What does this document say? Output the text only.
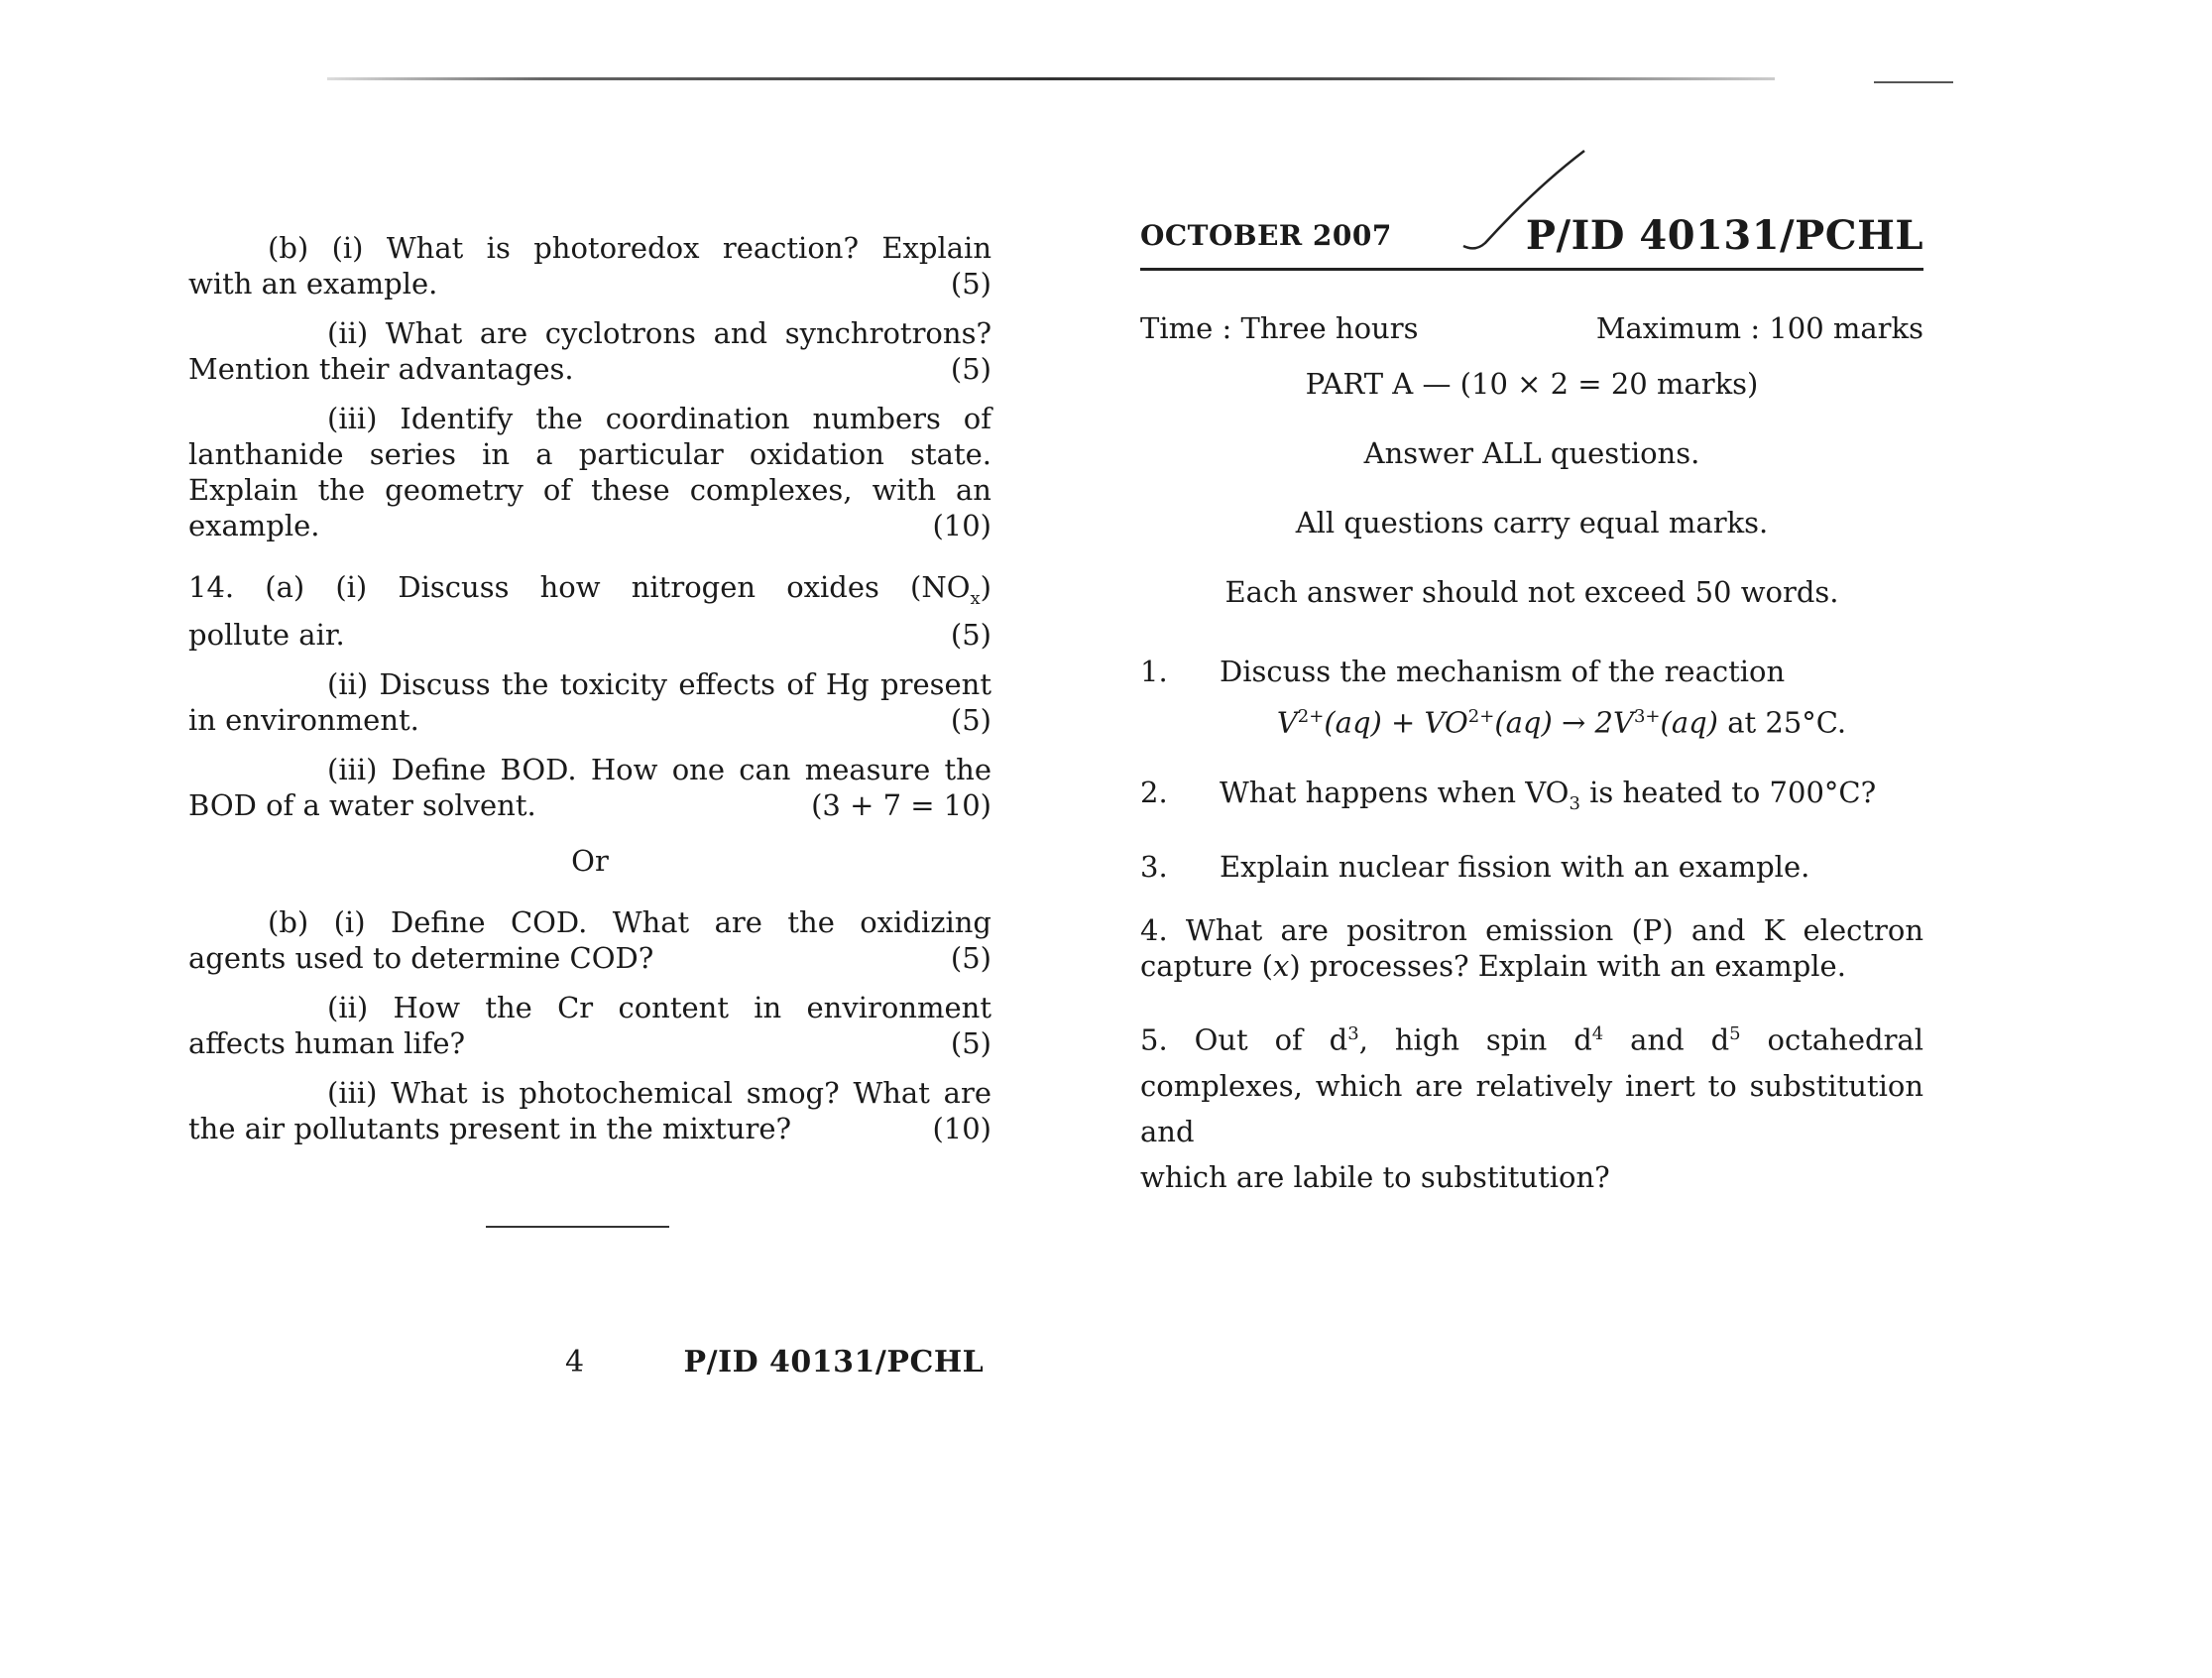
(b) (i) What is photoredox reaction? Explain
with an example.	(5)
(ii) What are cyclotrons and synchrotrons?
Mention their advantages.	(5)
(iii) Identify the coordination numbers of
lanthanide series in a particular oxidation state.
Explain the geometry of these complexes, with an
example.	(10)
14. (a) (i) Discuss how nitrogen oxides $(NO_x)$
pollute air.	(5)
(ii) Discuss the toxicity effects of Hg present
in environment.	(5)
(iii) Define BOD. How one can measure the
BOD of a water solvent.	(3 + 7 = 10)
Or
(b) (i) Define COD. What are the oxidizing
agents used to determine COD?	(5)
(ii) How the Cr content in environment
affects human life?	(5)
(iii) What is photochemical smog? What are
the air pollutants present in the mixture?	(10)
4	P/ID 40131/PCHL
OCTOBER 2007	P/ID 40131/PCHL
Time : Three hours	Maximum : 100 marks
PART A — (10 × 2 = 20 marks)
Answer ALL questions.
All questions carry equal marks.
Each answer should not exceed 50 words.
1.	Discuss the mechanism of the reaction
$V^{2+}(aq) + VO^{2+}(aq) \to 2V^{3+}(aq)$ at 25°C.
2.	What happens when $VO_3$ is heated to 700°C?
3.	Explain nuclear fission with an example.
4. What are positron emission (P) and K electron
capture (x) processes? Explain with an example.
5. Out of $d^3$, high spin $d^4$ and $d^5$ octahedral
complexes, which are relatively inert to substitution and
which are labile to substitution?
